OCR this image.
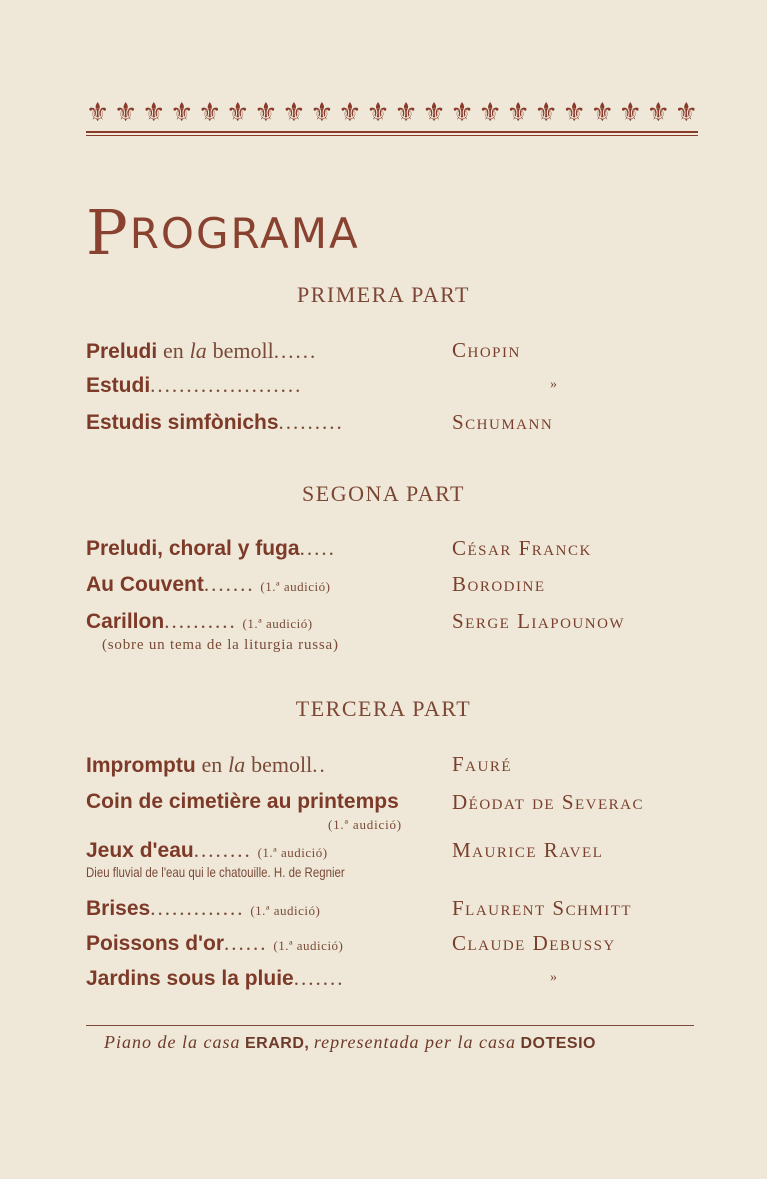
⚜ ⚜ ⚜ ⚜ ⚜ ⚜ ⚜ ⚜ ⚜ ⚜ ⚜ ⚜ ⚜ ⚜ ⚜ ⚜ ⚜ ⚜ ⚜ ⚜ ⚜ ⚜
PROGRAMA
PRIMERA PART
Preludi en la bemoll......	Chopin
Estudi.....................	»
Estudis simfònichs.........	Schumann
SEGONA PART
Preludi, choral y fuga.....	César Franck
Au Couvent....... (1.ª audició)	Borodine
Carillon.......... (1.ª audició)	Serge Liapounow
(sobre un tema de la liturgia russa)
TERCERA PART
Impromptu en la bemoll..	Fauré
Coin de cimetière au printemps	Déodat de Severac
(1.ª audició)
Jeux d'eau........ (1.ª audició)	Maurice Ravel
Dieu fluvial de l'eau qui le chatouille. H. de Regnier
Brises............. (1.ª audició)	Flaurent Schmitt
Poissons d'or...... (1.ª audició)	Claude Debussy
Jardins sous la pluie.......	»
Piano de la casa ERARD, representada per la casa DOTESIO
